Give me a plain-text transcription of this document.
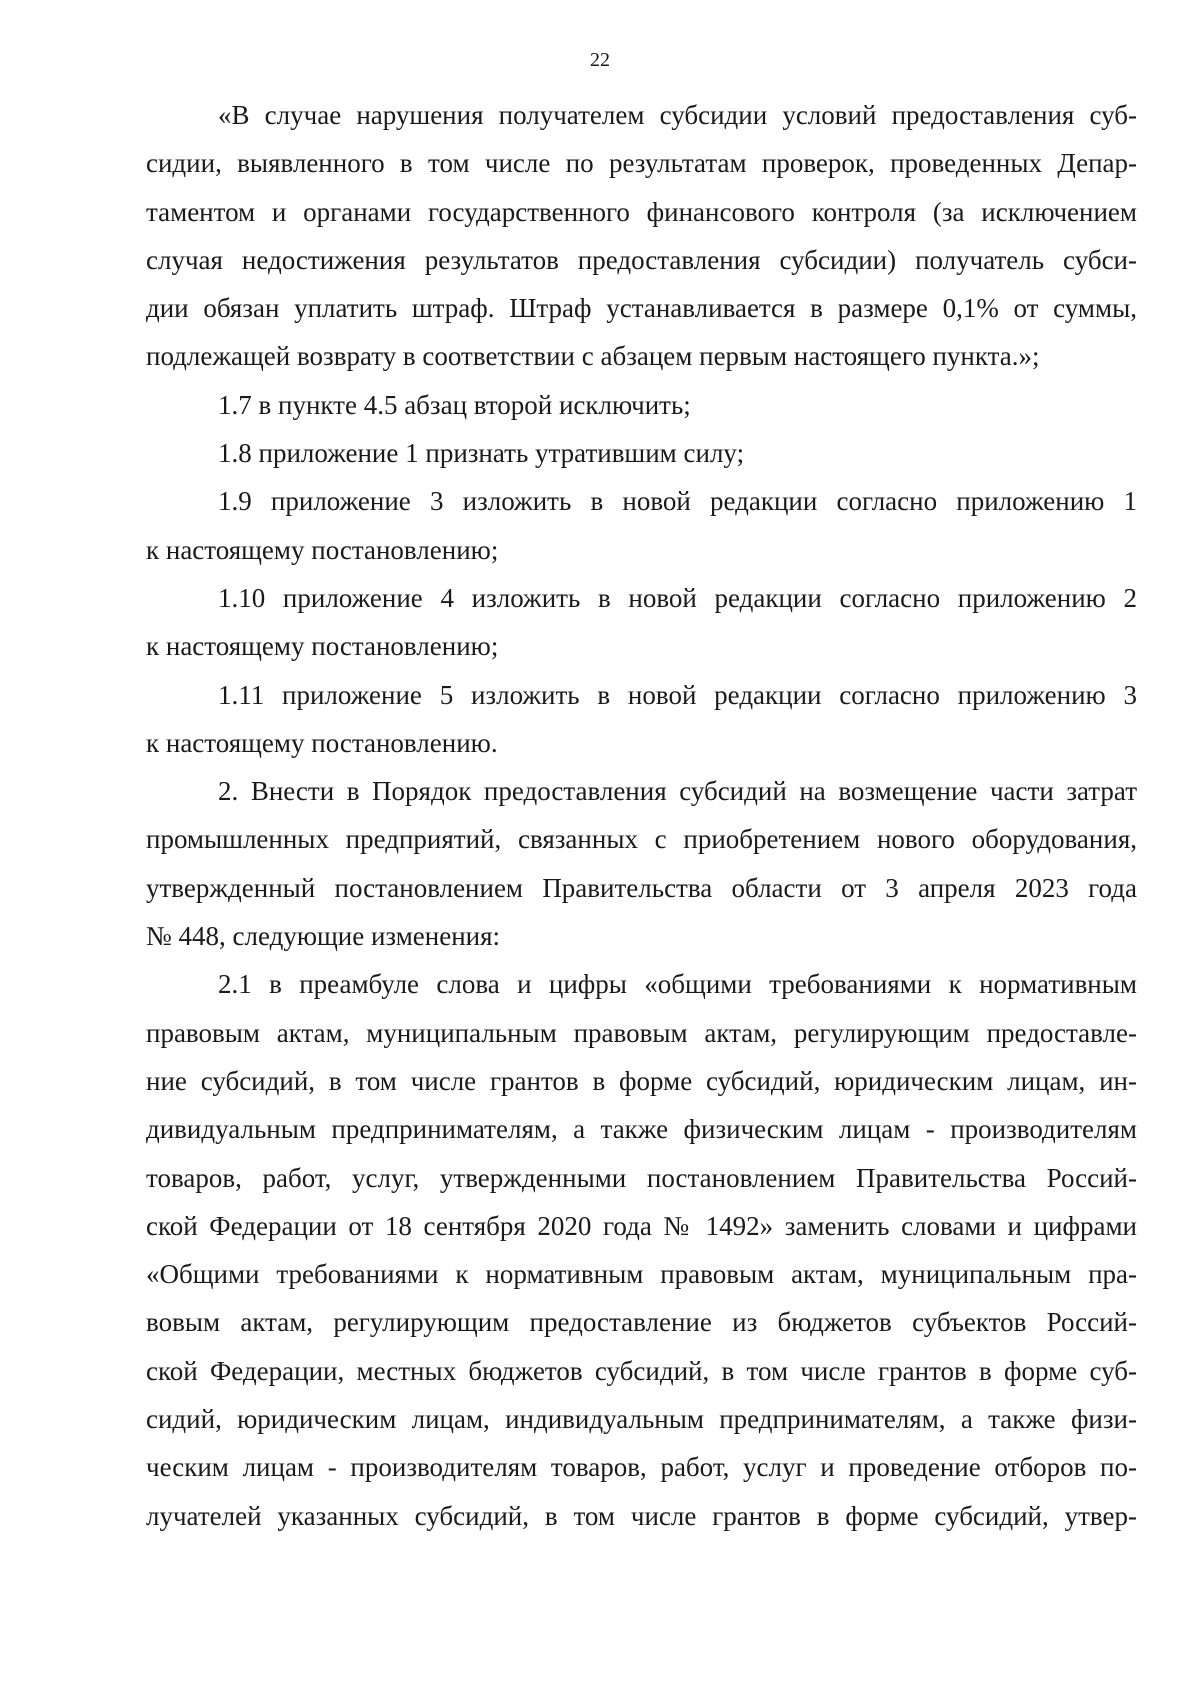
22

«В случае нарушения получателем субсидии условий предоставления суб-
сидии, выявленного в том числе по результатам проверок, проведенных Депар-
таментом и органами государственного финансового контроля (за исключением
случая недостижения результатов предоставления субсидии) получатель субси-
дии обязан уплатить штраф. Штраф устанавливается в размере 0,1% от суммы,
подлежащей возврату в соответствии с абзацем первым настоящего пункта.»;

1.7 в пункте 4.5 абзац второй исключить;

1.8 приложение 1 признать утратившим силу;

1.9 приложение 3 изложить в новой редакции согласно приложению 1
к настоящему постановлению;

1.10 приложение 4 изложить в новой редакции согласно приложению 2
к настоящему постановлению;

1.11 приложение 5 изложить в новой редакции согласно приложению 3
к настоящему постановлению.

2. Внести в Порядок предоставления субсидий на возмещение части затрат
промышленных предприятий, связанных с приобретением нового оборудования,
утвержденный постановлением Правительства области от 3 апреля 2023 года
№ 448, следующие изменения:

2.1 в преамбуле слова и цифры «общими требованиями к нормативным
правовым актам, муниципальным правовым актам, регулирующим предоставле-
ние субсидий, в том числе грантов в форме субсидий, юридическим лицам, ин-
дивидуальным предпринимателям, а также физическим лицам - производителям
товаров, работ, услуг, утвержденными постановлением Правительства Россий-
ской Федерации от 18 сентября 2020 года № 1492» заменить словами и цифрами
«Общими требованиями к нормативным правовым актам, муниципальным пра-
вовым актам, регулирующим предоставление из бюджетов субъектов Россий-
ской Федерации, местных бюджетов субсидий, в том числе грантов в форме суб-
сидий, юридическим лицам, индивидуальным предпринимателям, а также физи-
ческим лицам - производителям товаров, работ, услуг и проведение отборов по-
лучателей указанных субсидий, в том числе грантов в форме субсидий, утвер-
